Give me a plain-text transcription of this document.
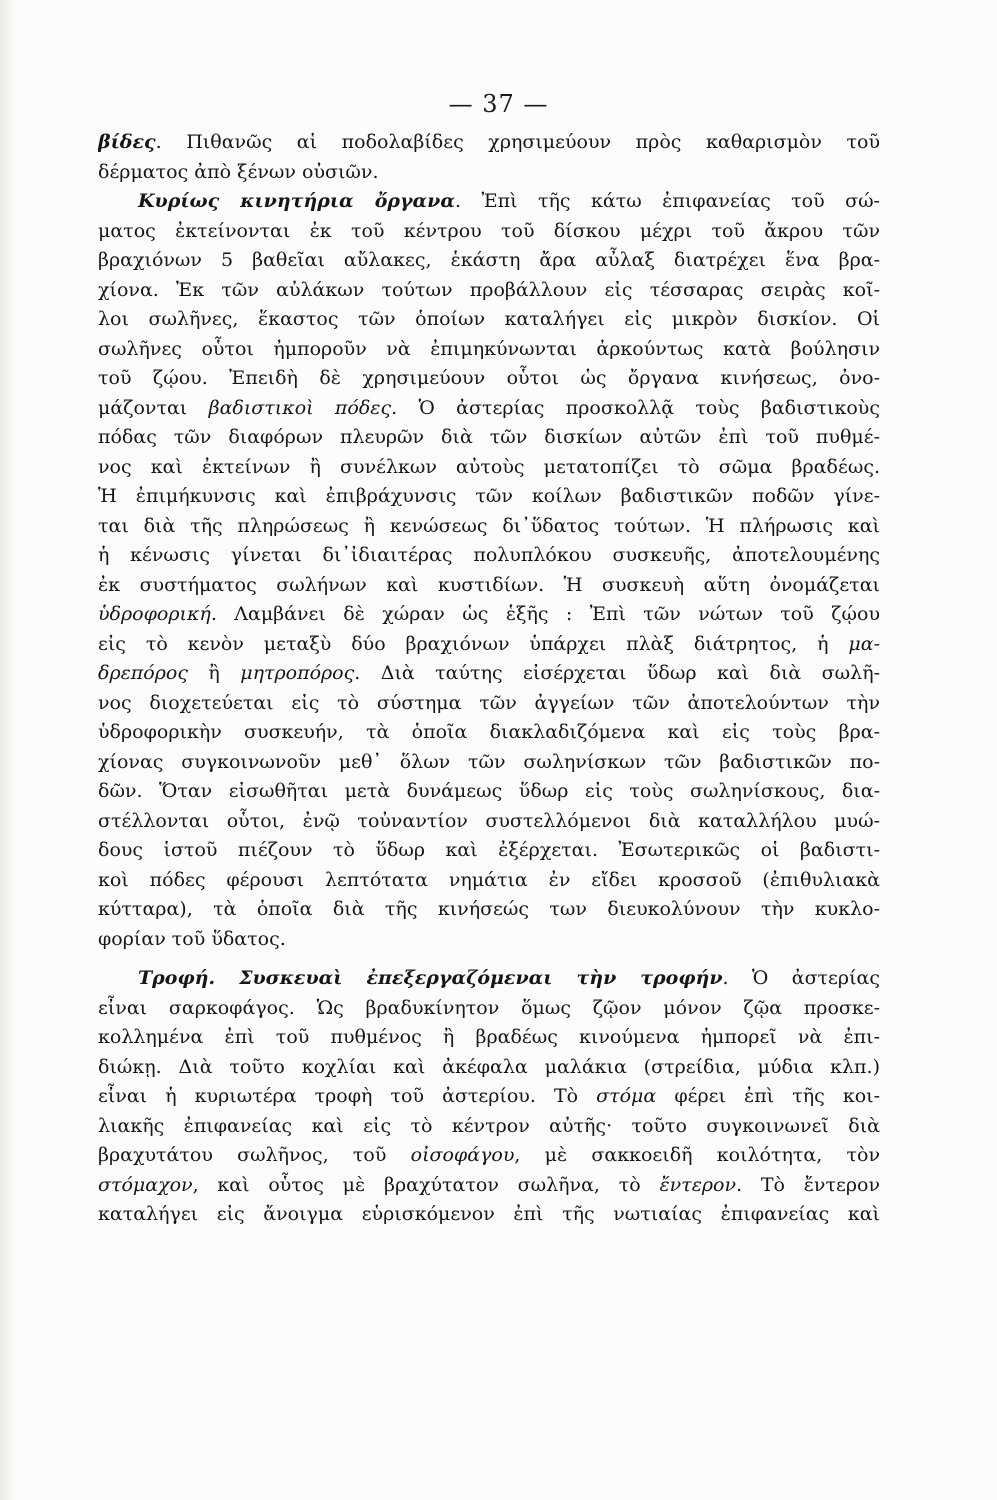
— 37 —
βίδες. Πιθανῶς αἱ ποδολαβίδες χρησιμεύουν πρὸς καθαρισμὸν τοῦ
δέρματος ἀπὸ ξένων οὐσιῶν.
Κυρίως κινητήρια ὄργανα. Ἐπὶ τῆς κάτω ἐπιφανείας τοῦ σώ-
ματος ἐκτείνονται ἐκ τοῦ κέντρου τοῦ δίσκου μέχρι τοῦ ἄκρου τῶν
βραχιόνων 5 βαθεῖαι αὔλακες, ἑκάστη ἄρα αὖλαξ διατρέχει ἕνα βρα-
χίονα. Ἐκ τῶν αὐλάκων τούτων προβάλλουν εἰς τέσσαρας σειρὰς κοῖ-
λοι σωλῆνες, ἕκαστος τῶν ὁποίων καταλήγει εἰς μικρὸν δισκίον. Οἱ
σωλῆνες οὗτοι ἠμποροῦν νὰ ἐπιμηκύνωνται ἀρκούντως κατὰ βούλησιν
τοῦ ζῴου. Ἐπειδὴ δὲ χρησιμεύουν οὗτοι ὡς ὄργανα κινήσεως, ὀνο-
μάζονται βαδιστικοὶ πόδες. Ὁ ἀστερίας προσκολλᾷ τοὺς βαδιστικοὺς
πόδας τῶν διαφόρων πλευρῶν διὰ τῶν δισκίων αὐτῶν ἐπὶ τοῦ πυθμέ-
νος καὶ ἐκτείνων ἢ συνέλκων αὐτοὺς μετατοπίζει τὸ σῶμα βραδέως.
Ἡ ἐπιμήκυνσις καὶ ἐπιβράχυνσις τῶν κοίλων βαδιστικῶν ποδῶν γίνε-
ται διὰ τῆς πληρώσεως ἢ κενώσεως δι᾽ὕδατος τούτων. Ἡ πλήρωσις καὶ
ἡ κένωσις γίνεται δι᾽ἰδιαιτέρας πολυπλόκου συσκευῆς, ἀποτελουμένης
ἐκ συστήματος σωλήνων καὶ κυστιδίων. Ἡ συσκευὴ αὕτη ὀνομάζεται
ὑδροφορική. Λαμβάνει δὲ χώραν ὡς ἑξῆς : Ἐπὶ τῶν νώτων τοῦ ζῴου
εἰς τὸ κενὸν μεταξὺ δύο βραχιόνων ὑπάρχει πλὰξ διάτρητος, ἡ μα-
δρεπόρος ἢ μητροπόρος. Διὰ ταύτης εἰσέρχεται ὕδωρ καὶ διὰ σωλῆ-
νος διοχετεύεται εἰς τὸ σύστημα τῶν ἀγγείων τῶν ἀποτελούντων τὴν
ὑδροφορικὴν συσκευήν, τὰ ὁποῖα διακλαδιζόμενα καὶ εἰς τοὺς βρα-
χίονας συγκοινωνοῦν μεθ᾽ ὅλων τῶν σωληνίσκων τῶν βαδιστικῶν πο-
δῶν. Ὅταν εἰσωθῆται μετὰ δυνάμεως ὕδωρ εἰς τοὺς σωληνίσκους, δια-
στέλλονται οὗτοι, ἐνῷ τοὐναντίον συστελλόμενοι διὰ καταλλήλου μυώ-
δους ἱστοῦ πιέζουν τὸ ὕδωρ καὶ ἐξέρχεται. Ἐσωτερικῶς οἱ βαδιστι-
κοὶ πόδες φέρουσι λεπτότατα νημάτια ἐν εἴδει κροσσοῦ (ἐπιθυλιακὰ
κύτταρα), τὰ ὁποῖα διὰ τῆς κινήσεώς των διευκολύνουν τὴν κυκλο-
φορίαν τοῦ ὕδατος.
Τροφή. Συσκευαὶ ἐπεξεργαζόμεναι τὴν τροφήν. Ὁ ἀστερίας
εἶναι σαρκοφάγος. Ὡς βραδυκίνητον ὅμως ζῷον μόνον ζῷα προσκε-
κολλημένα ἐπὶ τοῦ πυθμένος ἢ βραδέως κινούμενα ἠμπορεῖ νὰ ἐπι-
διώκῃ. Διὰ τοῦτο κοχλίαι καὶ ἀκέφαλα μαλάκια (στρείδια, μύδια κλπ.)
εἶναι ἡ κυριωτέρα τροφὴ τοῦ ἀστερίου. Τὸ στόμα φέρει ἐπὶ τῆς κοι-
λιακῆς ἐπιφανείας καὶ εἰς τὸ κέντρον αὐτῆς· τοῦτο συγκοινωνεῖ διὰ
βραχυτάτου σωλῆνος, τοῦ οἰσοφάγου, μὲ σακκοειδῆ κοιλότητα, τὸν
στόμαχον, καὶ οὗτος μὲ βραχύτατον σωλῆνα, τὸ ἔντερον. Τὸ ἔντερον
καταλήγει εἰς ἄνοιγμα εὑρισκόμενον ἐπὶ τῆς νωτιαίας ἐπιφανείας καὶ
